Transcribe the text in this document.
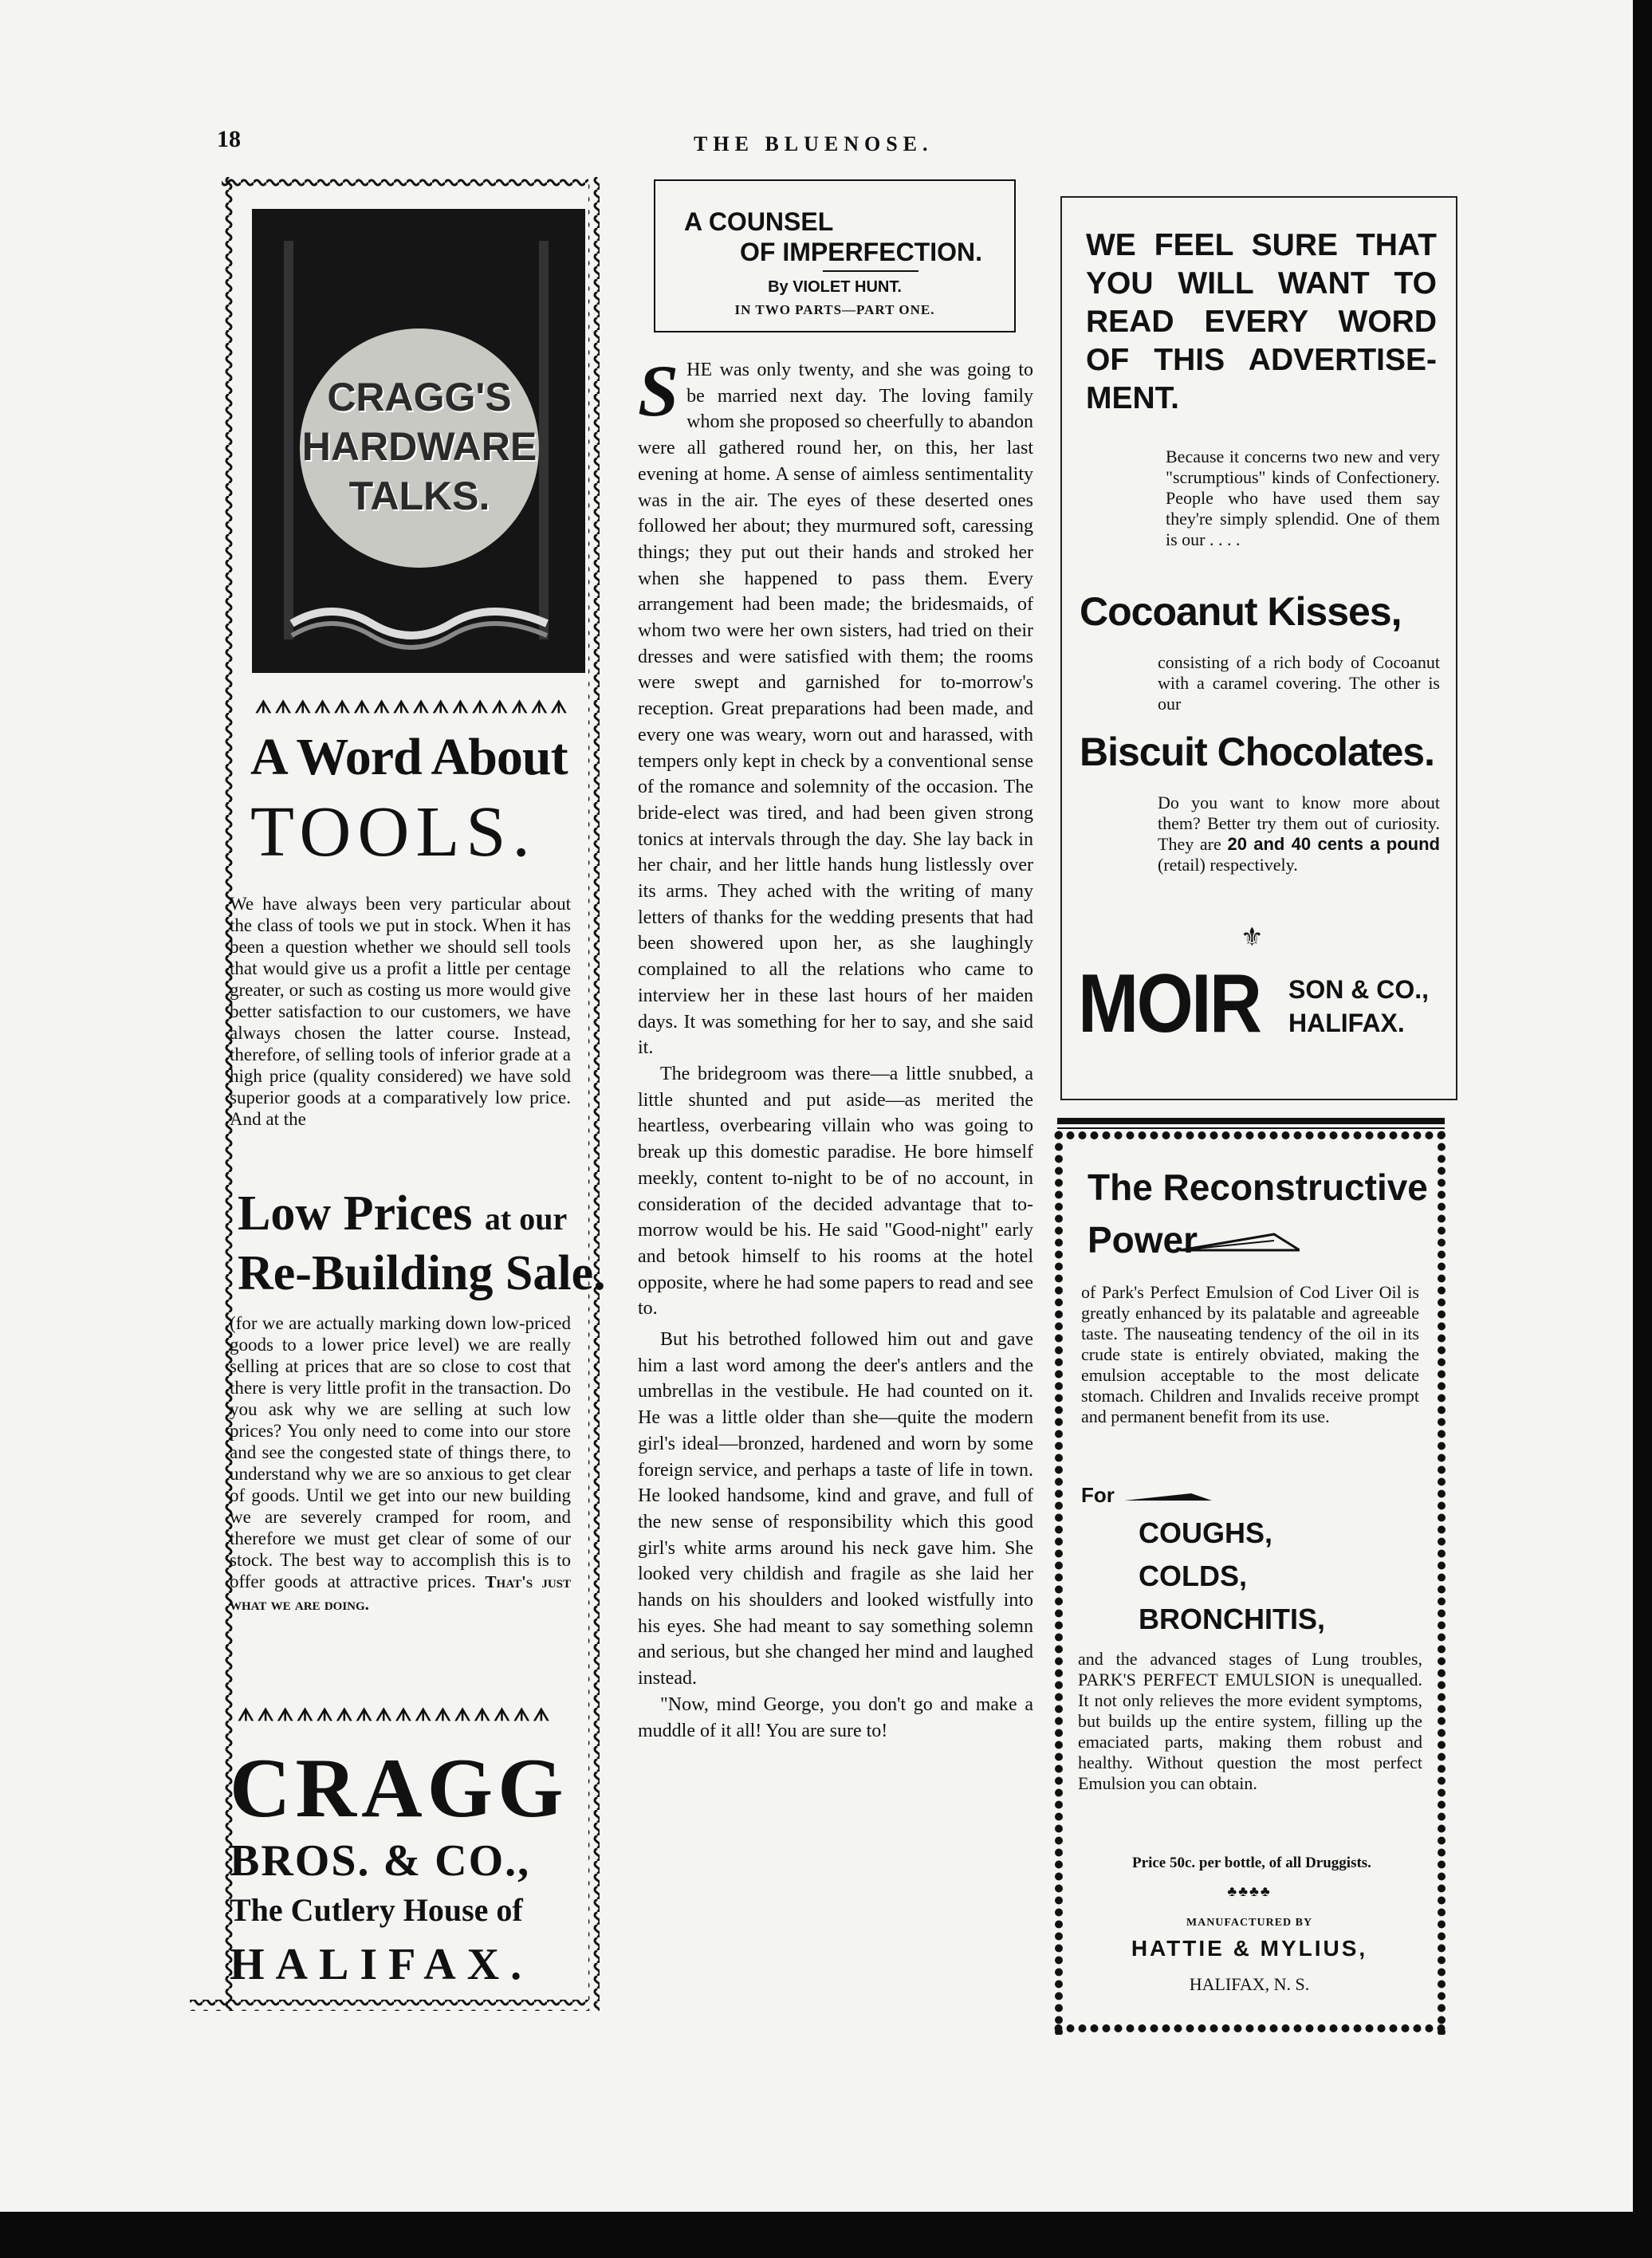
18	THE BLUENOSE.
CRAGG'S
HARDWARE
TALKS.
ᗑᗑᗑᗑᗑᗑᗑᗑᗑᗑᗑᗑᗑᗑᗑᗑ
A Word About
TOOLS.
We have always been very particular about the class of tools we put in stock. When it has been a question whether we should sell tools that would give us a profit a little per centage greater, or such as costing us more would give better satisfaction to our customers, we have always chosen the latter course. Instead, therefore, of selling tools of inferior grade at a high price (quality considered) we have sold superior goods at a comparatively low price. And at the
Low Prices at our
Re-Building Sale.
(for we are actually marking down low-priced goods to a lower price level) we are really selling at prices that are so close to cost that there is very little profit in the transaction. Do you ask why we are selling at such low prices? You only need to come into our store and see the congested state of things there, to understand why we are so anxious to get clear of goods. Until we get into our new building we are severely cramped for room, and therefore we must get clear of some of our stock. The best way to accomplish this is to offer goods at attractive prices. That's just what we are doing.
ᗑᗑᗑᗑᗑᗑᗑᗑᗑᗑᗑᗑᗑᗑᗑᗑ
CRAGG
BROS. & CO.,
The Cutlery House of
HALIFAX.
A COUNSEL
OF IMPERFECTION.
By VIOLET HUNT.
IN TWO PARTS—PART ONE.

S HE was only twenty, and she was going to be married next day. The loving family whom she proposed so cheerfully to abandon were all gathered round her, on this, her last evening at home. A sense of aimless sentimentality was in the air. The eyes of these deserted ones followed her about; they murmured soft, caressing things; they put out their hands and stroked her when she happened to pass them. Every arrangement had been made; the bridesmaids, of whom two were her own sisters, had tried on their dresses and were satisfied with them; the rooms were swept and garnished for to-morrow's reception. Great preparations had been made, and every one was weary, worn out and harassed, with tempers only kept in check by a conventional sense of the romance and solemnity of the occasion. The bride-elect was tired, and had been given strong tonics at intervals through the day. She lay back in her chair, and her little hands hung listlessly over its arms. They ached with the writing of many letters of thanks for the wedding presents that had been showered upon her, as she laughingly complained to all the relations who came to interview her in these last hours of her maiden days. It was something for her to say, and she said it.

The bridegroom was there—a little snubbed, a little shunted and put aside—as merited the heartless, overbearing villain who was going to break up this domestic paradise. He bore himself meekly, content to-night to be of no account, in consideration of the decided advantage that to-morrow would be his. He said "Good-night" early and betook himself to his rooms at the hotel opposite, where he had some papers to read and see to.

But his betrothed followed him out and gave him a last word among the deer's antlers and the umbrellas in the vestibule. He had counted on it. He was a little older than she—quite the modern girl's ideal—bronzed, hardened and worn by some foreign service, and perhaps a taste of life in town. He looked handsome, kind and grave, and full of the new sense of responsibility which this good girl's white arms around his neck gave him. She looked very childish and fragile as she laid her hands on his shoulders and looked wistfully into his eyes. She had meant to say something solemn and serious, but she changed her mind and laughed instead.

"Now, mind George, you don't go and make a muddle of it all! You are sure to!

WE FEEL SURE THAT YOU WILL WANT TO READ EVERY WORD OF THIS ADVERTISE-MENT.
Because it concerns two new and very "scrumptious" kinds of Confectionery. People who have used them say they're simply splendid. One of them is our . . . .
Cocoanut Kisses,
consisting of a rich body of Cocoanut with a caramel covering. The other is our
Biscuit Chocolates.
Do you want to know more about them? Better try them out of curiosity. They are 20 and 40 cents a pound (retail) respectively.
⚜
MOIR SON & CO.,
HALIFAX.
The Reconstructive
Power
of Park's Perfect Emulsion of Cod Liver Oil is greatly enhanced by its palatable and agreeable taste. The nauseating tendency of the oil in its crude state is entirely obviated, making the emulsion acceptable to the most delicate stomach. Children and Invalids receive prompt and permanent benefit from its use.
For
COUGHS,
COLDS,
BRONCHITIS,
and the advanced stages of Lung troubles, PARK'S PERFECT EMULSION is unequalled. It not only relieves the more evident symptoms, but builds up the entire system, filling up the emaciated parts, making them robust and healthy. Without question the most perfect Emulsion you can obtain.
Price 50c. per bottle, of all Druggists.
♣♣♣♣
MANUFACTURED BY
HATTIE & MYLIUS,
HALIFAX, N. S.
